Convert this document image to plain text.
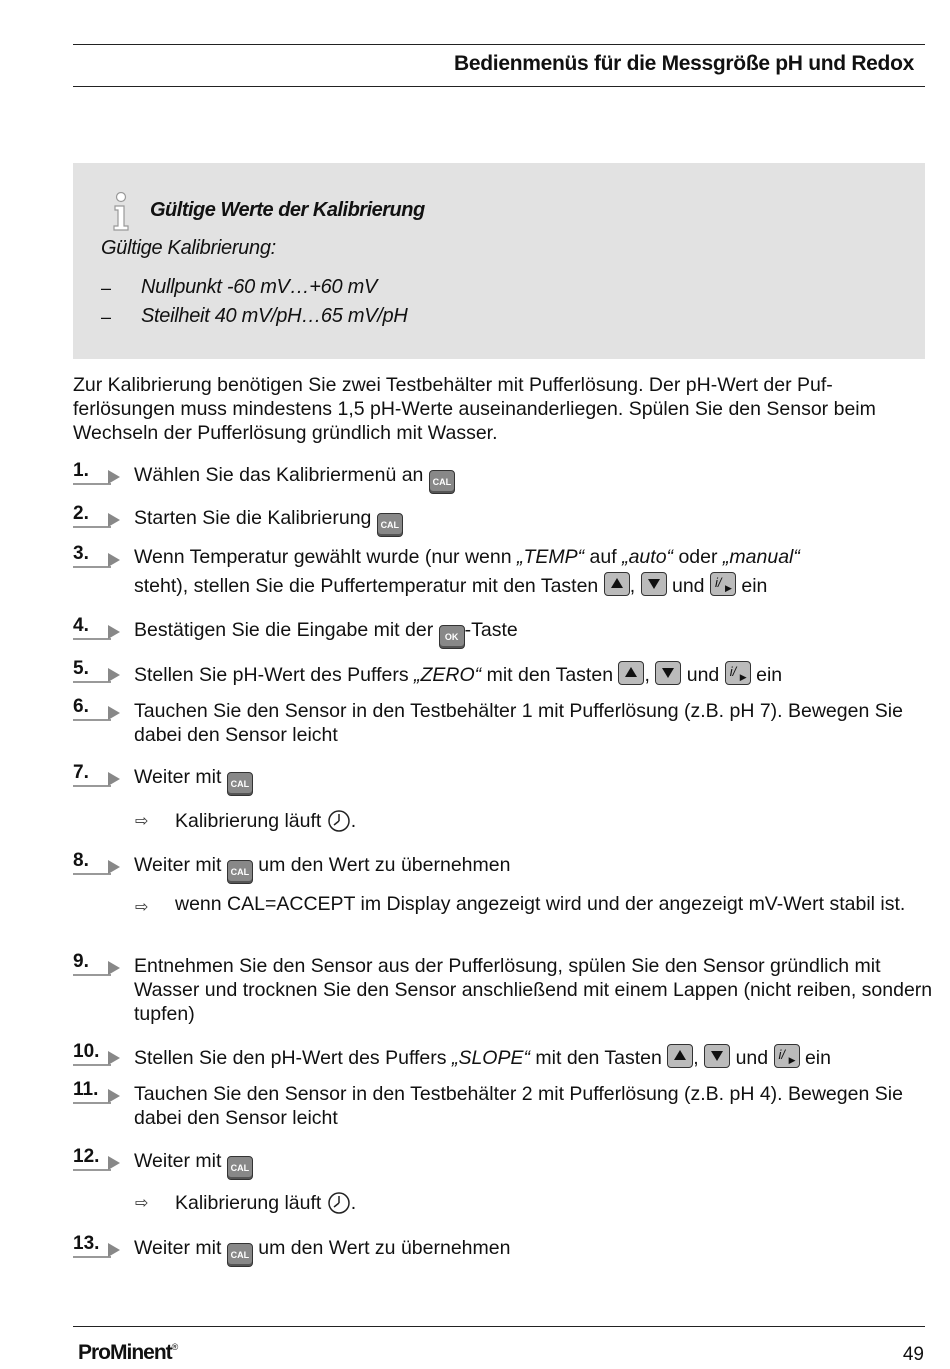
Bedienmenüs für die Messgröße pH und Redox
Gültige Werte der Kalibrierung
Gültige Kalibrierung:
– Nullpunkt -60 mV…+60 mV
– Steilheit 40 mV/pH…65 mV/pH
Zur Kalibrierung benötigen Sie zwei Testbehälter mit Pufferlösung. Der pH-Wert der Puf-ferlösungen muss mindestens 1,5 pH-Werte auseinanderliegen. Spülen Sie den Sensor beim Wechseln der Pufferlösung gründlich mit Wasser.
1.	Wählen Sie das Kalibriermenü an CAL
2.	Starten Sie die Kalibrierung CAL
3.	Wenn Temperatur gewählt wurde (nur wenn „TEMP“ auf „auto“ oder „manual“
steht), stellen Sie die Puffertemperatur mit den Tasten , und i/ ▶ ein
4.	Bestätigen Sie die Eingabe mit der OK -Taste
5.	Stellen Sie pH-Wert des Puffers „ZERO“ mit den Tasten , und i/ ▶ ein
6.	Tauchen Sie den Sensor in den Testbehälter 1 mit Pufferlösung (z.B. pH 7). Bewegen Sie dabei den Sensor leicht
7.	Weiter mit CAL
⇨ Kalibrierung läuft .
8.	Weiter mit CAL um den Wert zu übernehmen
⇨ wenn CAL=ACCEPT im Display angezeigt wird und der angezeigt mV-Wert stabil ist.
9.	Entnehmen Sie den Sensor aus der Pufferlösung, spülen Sie den Sensor gründlich mit Wasser und trocknen Sie den Sensor anschließend mit einem Lappen (nicht reiben, sondern tupfen)
10.	Stellen Sie den pH-Wert des Puffers „SLOPE“ mit den Tasten , und i/ ▶ ein
11.	Tauchen Sie den Sensor in den Testbehälter 2 mit Pufferlösung (z.B. pH 4). Bewegen Sie dabei den Sensor leicht
12.	Weiter mit CAL
⇨ Kalibrierung läuft .
13.	Weiter mit CAL um den Wert zu übernehmen
ProMinent®	49
